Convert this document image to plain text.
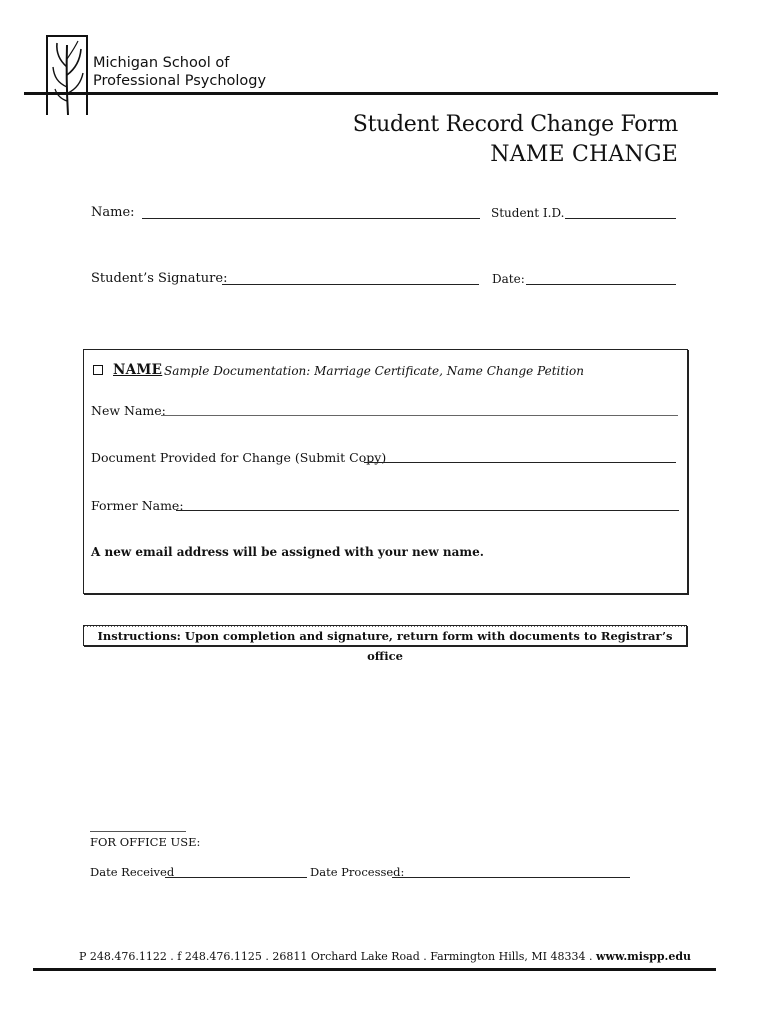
Michigan School of
Professional Psychology
Student Record Change Form
NAME CHANGE
Name:	Student I.D.
Student’s Signature:	Date:
NAME Sample Documentation: Marriage Certificate, Name Change Petition
New Name:
Document Provided for Change (Submit Copy)
Former Name:
A new email address will be assigned with your new name.
Instructions: Upon completion and signature, return form with documents to Registrar’s office
FOR OFFICE USE:
Date Received	Date Processed:
P 248.476.1122 . f 248.476.1125 . 26811 Orchard Lake Road . Farmington Hills, MI 48334 . www.mispp.edu
